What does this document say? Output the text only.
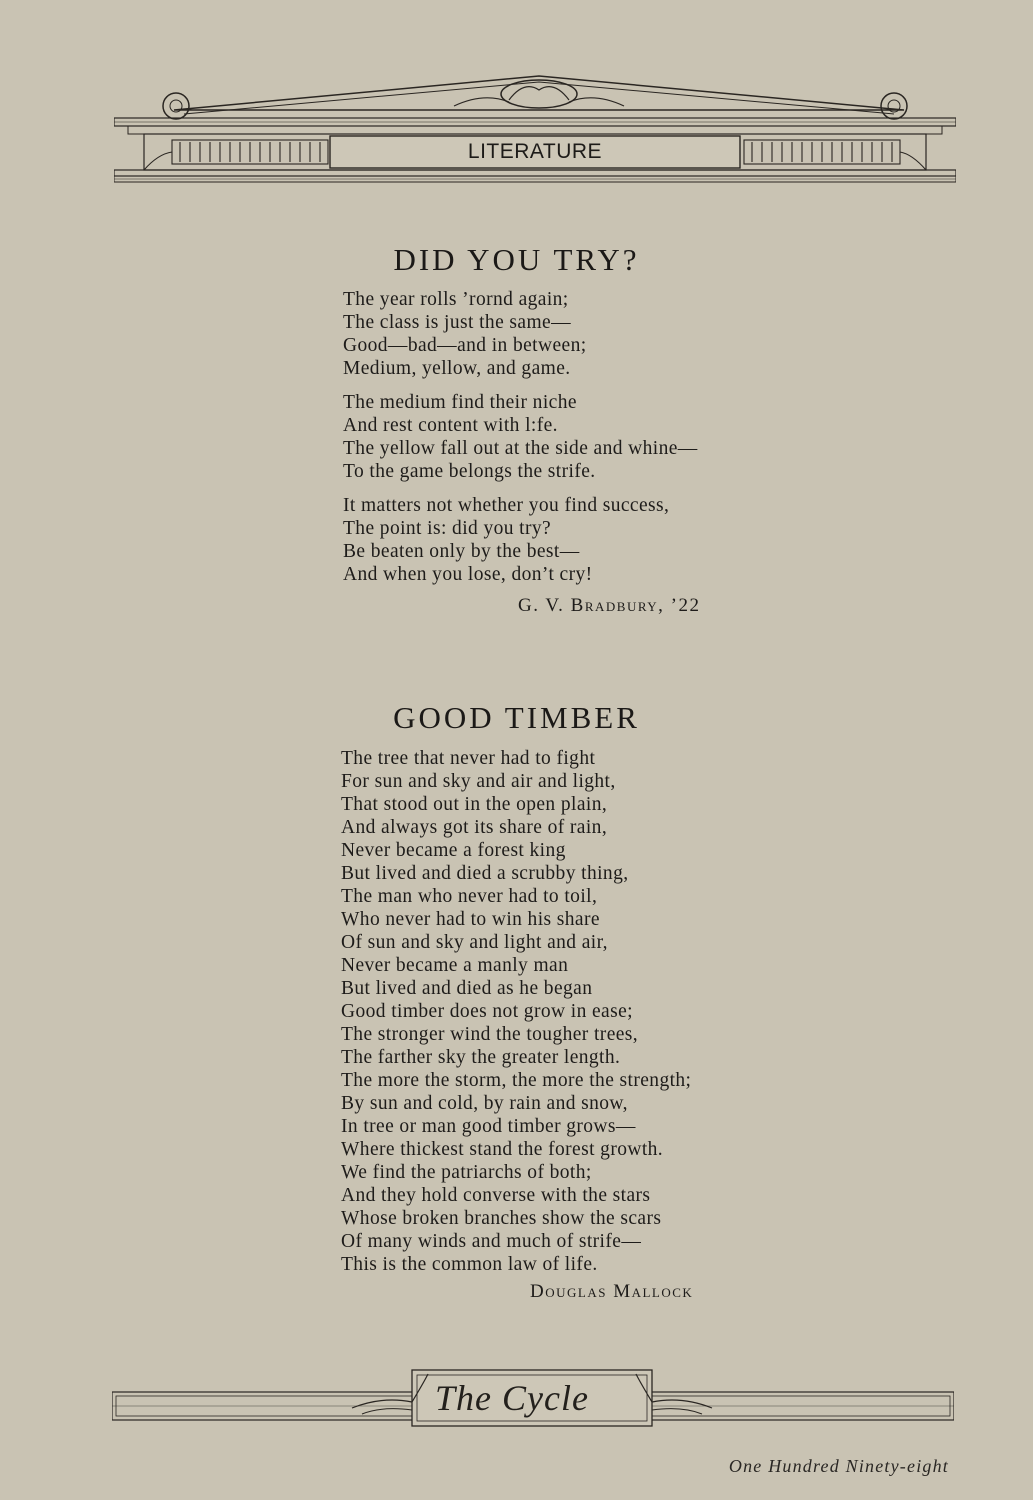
LITERATURE
DID YOU TRY?
The year rolls ’rornd again;
The class is just the same—
Good—bad—and in between;
Medium, yellow, and game.
The medium find their niche
And rest content with l:fe.
The yellow fall out at the side and whine—
To the game belongs the strife.
It matters not whether you find success,
The point is: did you try?
Be beaten only by the best—
And when you lose, don’t cry!
G. V. Bradbury, ’22
GOOD TIMBER
The tree that never had to fight
For sun and sky and air and light,
That stood out in the open plain,
And always got its share of rain,
Never became a forest king
But lived and died a scrubby thing,
The man who never had to toil,
Who never had to win his share
Of sun and sky and light and air,
Never became a manly man
But lived and died as he began
Good timber does not grow in ease;
The stronger wind the tougher trees,
The farther sky the greater length.
The more the storm, the more the strength;
By sun and cold, by rain and snow,
In tree or man good timber grows—
Where thickest stand the forest growth.
We find the patriarchs of both;
And they hold converse with the stars
Whose broken branches show the scars
Of many winds and much of strife—
This is the common law of life.
Douglas Mallock
The Cycle
One Hundred Ninety-eight
